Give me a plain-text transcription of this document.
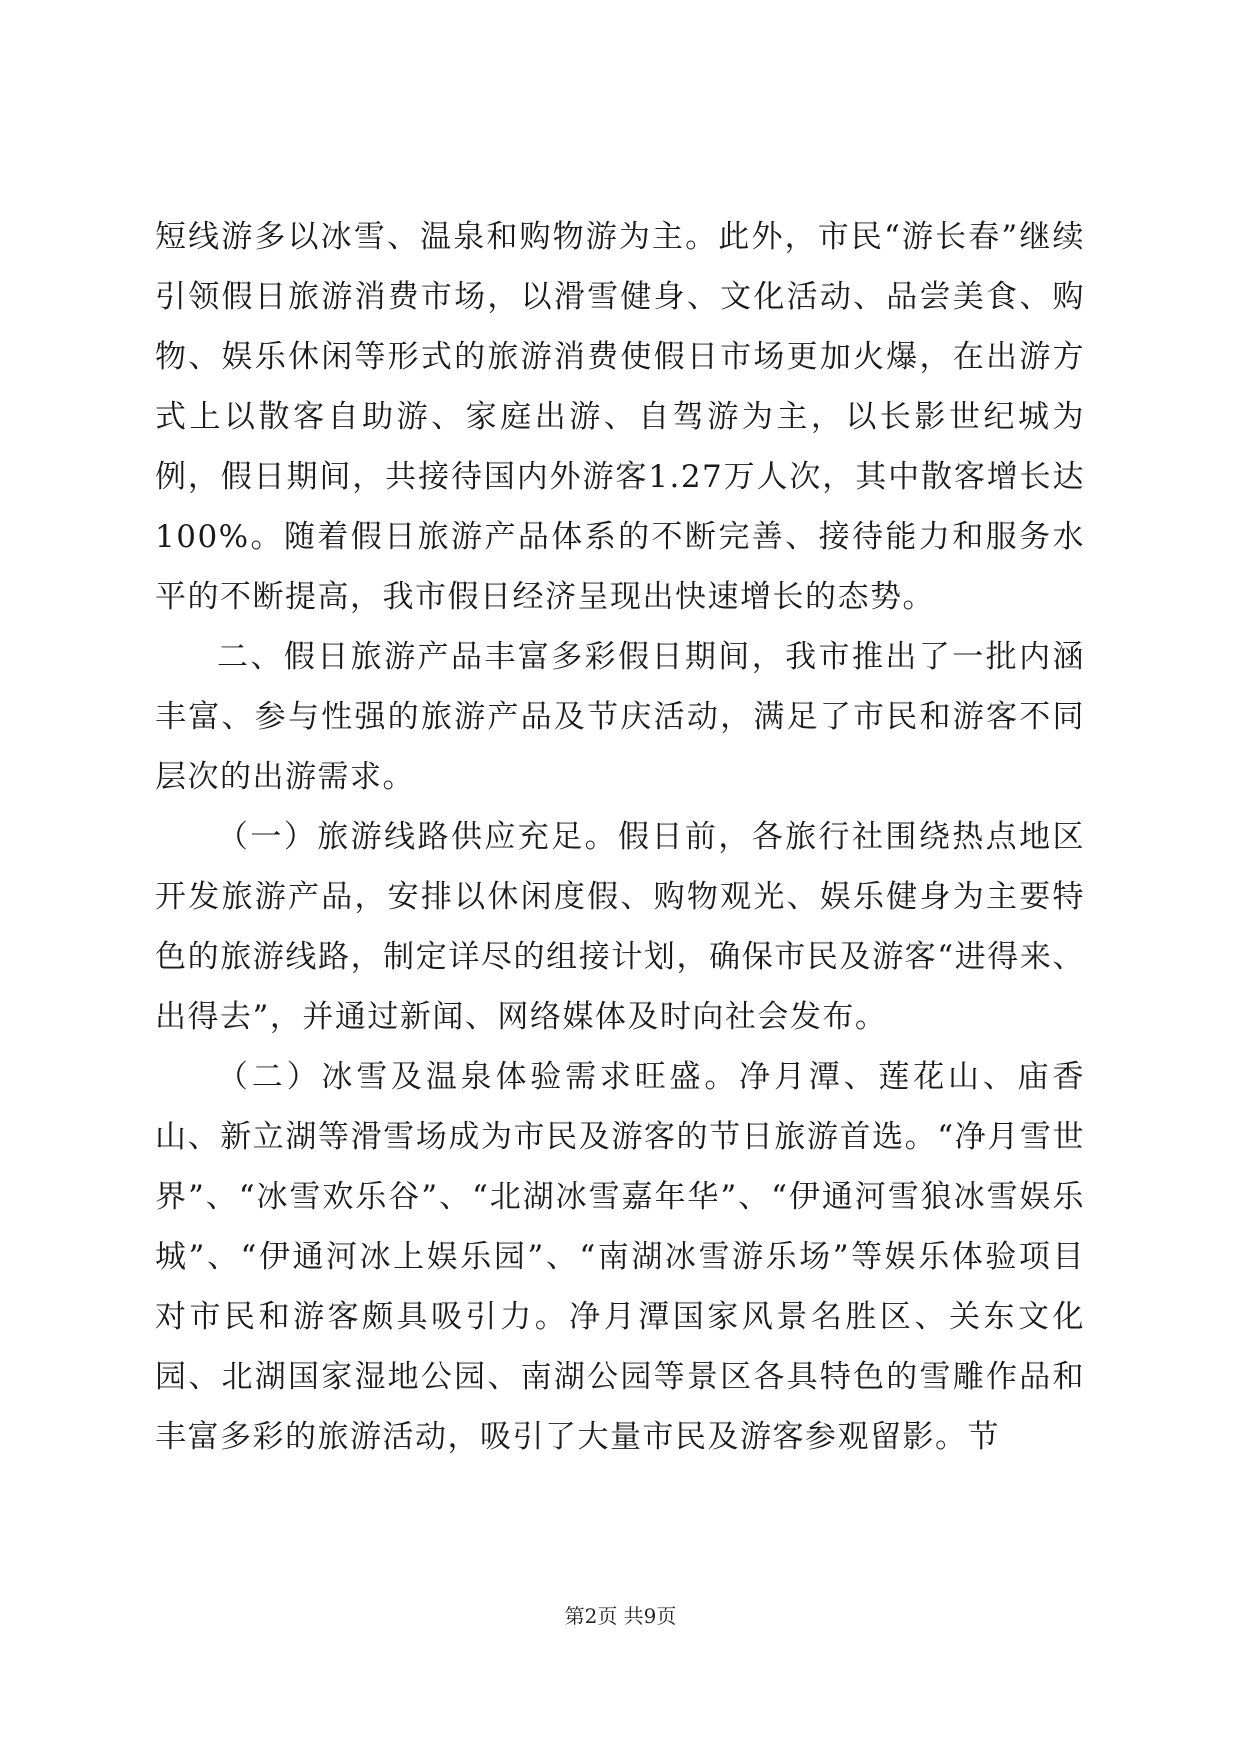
短线游多以冰雪、温泉和购物游为主。此外，市民“游长春”继续引领假日旅游消费市场，以滑雪健身、文化活动、品尝美食、购物、娱乐休闲等形式的旅游消费使假日市场更加火爆，在出游方式上以散客自助游、家庭出游、自驾游为主，以长影世纪城为例，假日期间，共接待国内外游客1.27万人次，其中散客增长达100%。随着假日旅游产品体系的不断完善、接待能力和服务水平的不断提高，我市假日经济呈现出快速增长的态势。

二、假日旅游产品丰富多彩假日期间，我市推出了一批内涵丰富、参与性强的旅游产品及节庆活动，满足了市民和游客不同层次的出游需求。

（一）旅游线路供应充足。假日前，各旅行社围绕热点地区开发旅游产品，安排以休闲度假、购物观光、娱乐健身为主要特色的旅游线路，制定详尽的组接计划，确保市民及游客“进得来、出得去”，并通过新闻、网络媒体及时向社会发布。

（二）冰雪及温泉体验需求旺盛。净月潭、莲花山、庙香山、新立湖等滑雪场成为市民及游客的节日旅游首选。“净月雪世界”、“冰雪欢乐谷”、“北湖冰雪嘉年华”、“伊通河雪狼冰雪娱乐城”、“伊通河冰上娱乐园”、“南湖冰雪游乐场”等娱乐体验项目对市民和游客颇具吸引力。净月潭国家风景名胜区、关东文化园、北湖国家湿地公园、南湖公园等景区各具特色的雪雕作品和丰富多彩的旅游活动，吸引了大量市民及游客参观留影。节

第2页 共9页
